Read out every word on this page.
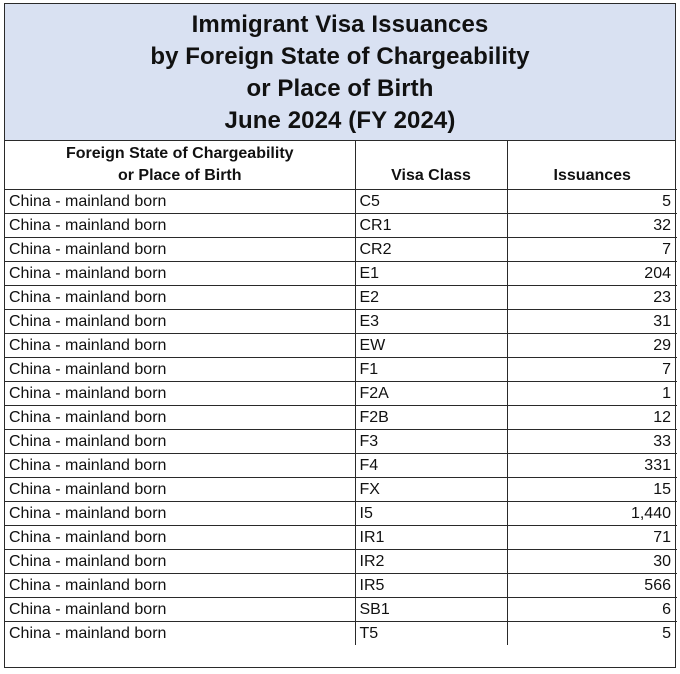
Immigrant Visa Issuances
by Foreign State of Chargeability
or Place of Birth
June 2024 (FY 2024)
Foreign State of Chargeability
or Place of Birth	Visa Class	Issuances
China - mainland born	C5	5
China - mainland born	CR1	32
China - mainland born	CR2	7
China - mainland born	E1	204
China - mainland born	E2	23
China - mainland born	E3	31
China - mainland born	EW	29
China - mainland born	F1	7
China - mainland born	F2A	1
China - mainland born	F2B	12
China - mainland born	F3	33
China - mainland born	F4	331
China - mainland born	FX	15
China - mainland born	I5	1,440
China - mainland born	IR1	71
China - mainland born	IR2	30
China - mainland born	IR5	566
China - mainland born	SB1	6
China - mainland born	T5	5
